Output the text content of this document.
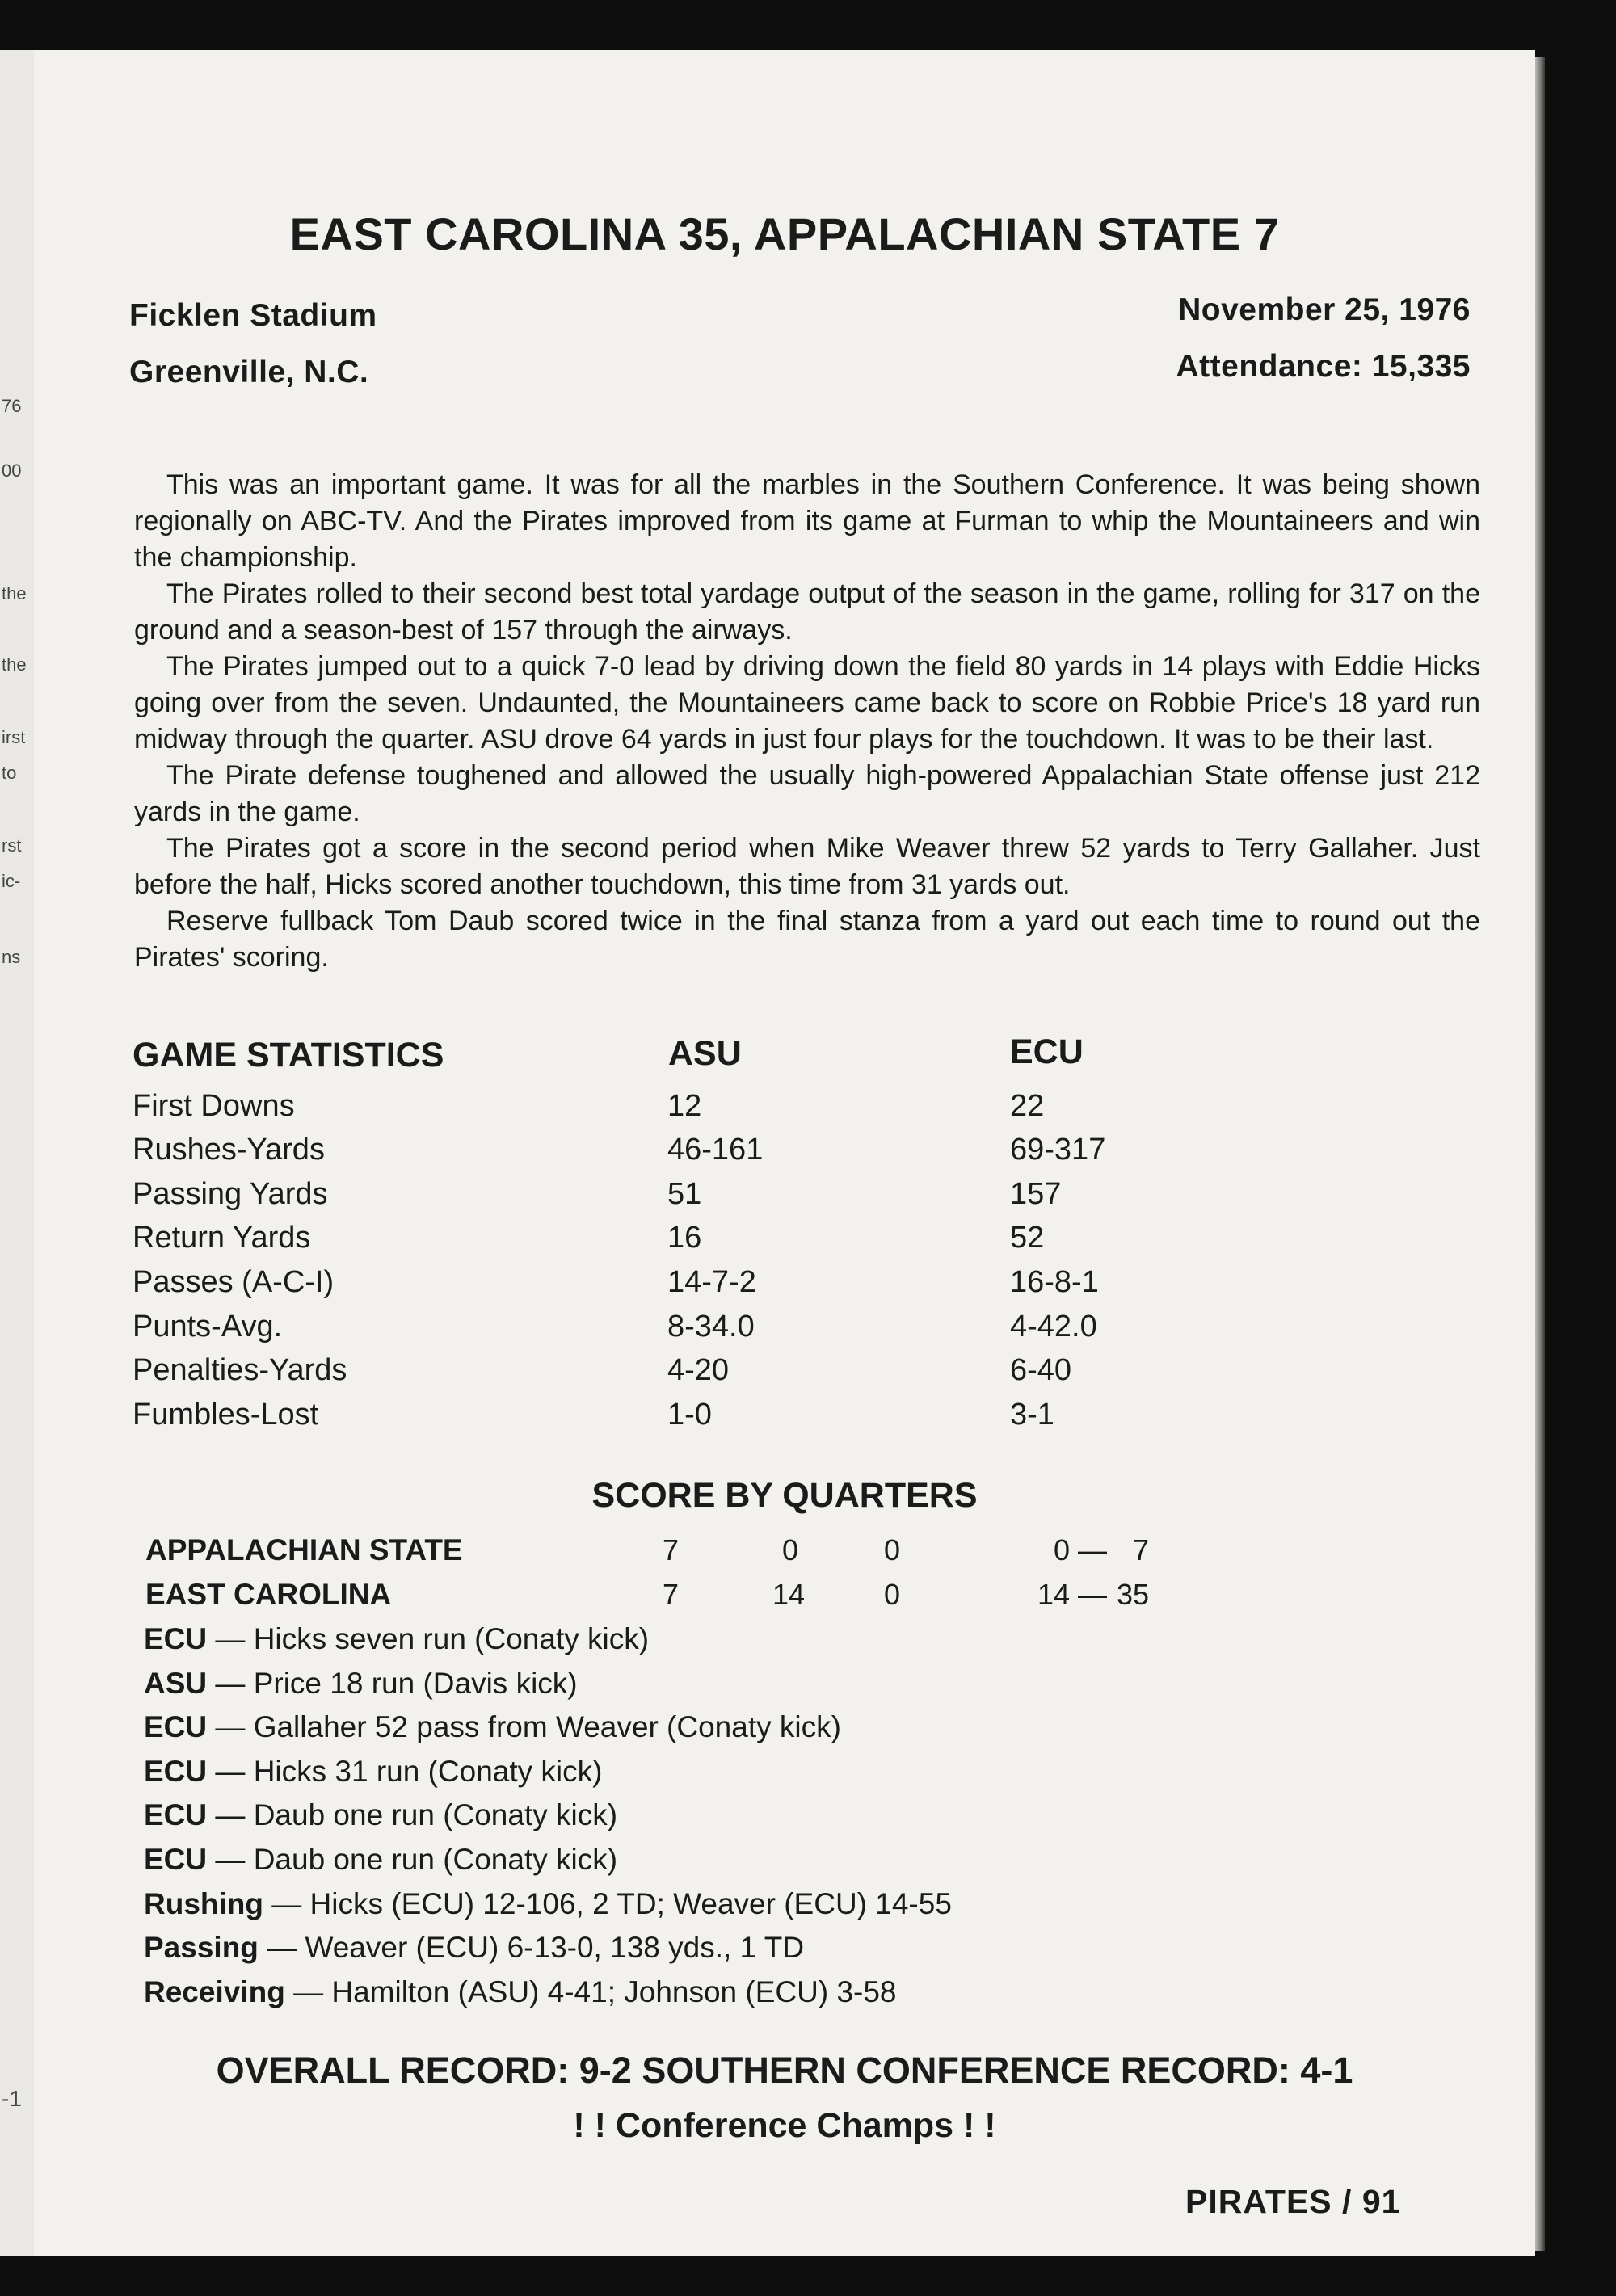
76
00
the
the
irst
to
rst
ic-
ns
-1
EAST CAROLINA 35, APPALACHIAN STATE 7
Ficklen Stadium
Greenville, N.C.
November 25, 1976
Attendance: 15,335

This was an important game. It was for all the marbles in the Southern Conference. It was being shown regionally on ABC-TV. And the Pirates improved from its game at Furman to whip the Mountaineers and win the championship.

The Pirates rolled to their second best total yardage output of the season in the game, rolling for 317 on the ground and a season-best of 157 through the airways.

The Pirates jumped out to a quick 7-0 lead by driving down the field 80 yards in 14 plays with Eddie Hicks going over from the seven. Undaunted, the Mountaineers came back to score on Robbie Price's 18 yard run midway through the quarter. ASU drove 64 yards in just four plays for the touchdown. It was to be their last.

The Pirate defense toughened and allowed the usually high-powered Appalachian State offense just 212 yards in the game.

The Pirates got a score in the second period when Mike Weaver threw 52 yards to Terry Gallaher. Just before the half, Hicks scored another touchdown, this time from 31 yards out.

Reserve fullback Tom Daub scored twice in the final stanza from a yard out each time to round out the Pirates' scoring.

GAME STATISTICS	ASU	ECU
First Downs	12	22
Rushes-Yards	46-161	69-317
Passing Yards	51	157
Return Yards	16	52
Passes (A-C-I)	14-7-2	16-8-1
Punts-Avg.	8-34.0	4-42.0
Penalties-Yards	4-20	6-40
Fumbles-Lost	1-0	3-1
SCORE BY QUARTERS
APPALACHIAN STATE	7	0	0	0 — 7
EAST CAROLINA	7	14	0	14 — 35
ECU — Hicks seven run (Conaty kick)
ASU — Price 18 run (Davis kick)
ECU — Gallaher 52 pass from Weaver (Conaty kick)
ECU — Hicks 31 run (Conaty kick)
ECU — Daub one run (Conaty kick)
ECU — Daub one run (Conaty kick)
Rushing — Hicks (ECU) 12-106, 2 TD; Weaver (ECU) 14-55
Passing — Weaver (ECU) 6-13-0, 138 yds., 1 TD
Receiving — Hamilton (ASU) 4-41; Johnson (ECU) 3-58
OVERALL RECORD: 9-2 SOUTHERN CONFERENCE RECORD: 4-1
! ! Conference Champs ! !
PIRATES / 91
